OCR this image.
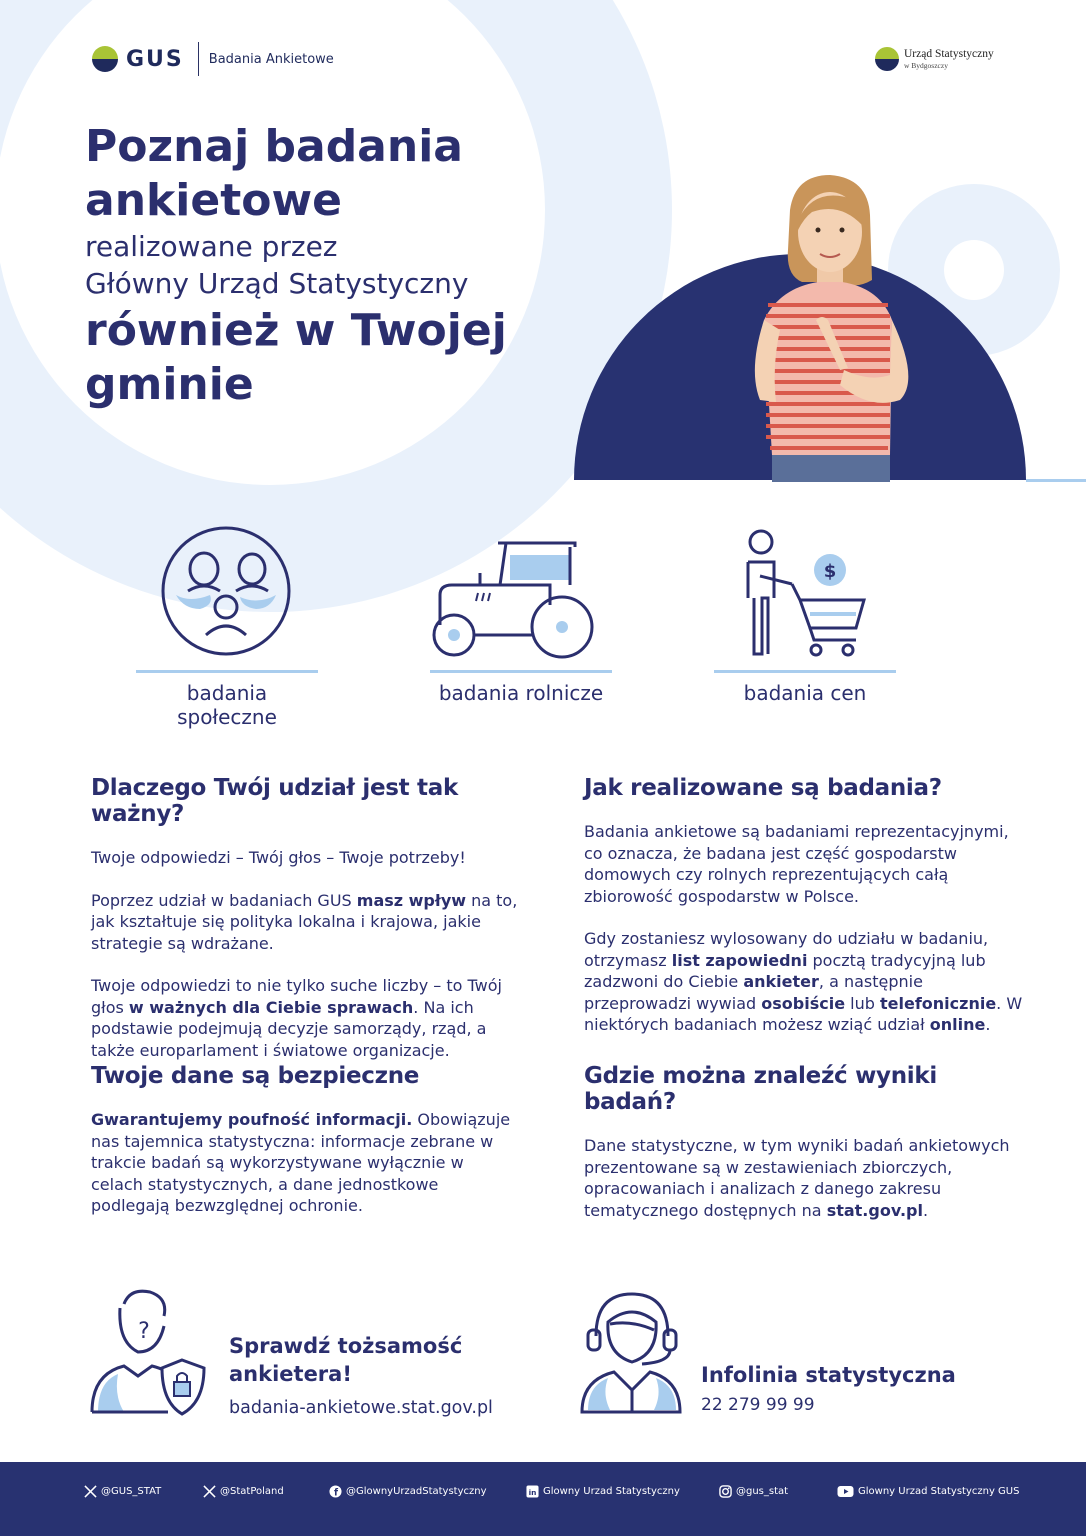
GUS Badania Ankietowe	Urząd Statystyczny
w Bydgoszczy
Poznaj badania
ankietowe
realizowane przez
Główny Urząd Statystyczny
również w Twojej
gminie
$
badania społeczne
badania rolnicze	badania cen
Dlaczego Twój udział jest tak ważny?

Twoje odpowiedzi – Twój głos – Twoje potrzeby!

Poprzez udział w badaniach GUS masz wpływ na to, jak kształtuje się polityka lokalna i krajowa, jakie strategie są wdrażane.

Twoje odpowiedzi to nie tylko suche liczby – to Twój głos w ważnych dla Ciebie sprawach. Na ich podstawie podejmują decyzje samorządy, rząd, a także europarlament i światowe organizacje.

Jak realizowane są badania?

Badania ankietowe są badaniami reprezentacyjnymi, co oznacza, że badana jest część gospodarstw domowych czy rolnych reprezentujących całą zbiorowość gospodarstw w Polsce.

Gdy zostaniesz wylosowany do udziału w badaniu, otrzymasz list zapowiedni pocztą tradycyjną lub zadzwoni do Ciebie ankieter, a następnie przeprowadzi wywiad osobiście lub telefonicznie. W niektórych badaniach możesz wziąć udział online.

Twoje dane są bezpieczne

Gwarantujemy poufność informacji. Obowiązuje nas tajemnica statystyczna: informacje zebrane w trakcie badań są wykorzystywane wyłącznie w celach statystycznych, a dane jednostkowe podlegają bezwzględnej ochronie.

Gdzie można znaleźć wyniki badań?

Dane statystyczne, w tym wyniki badań ankietowych prezentowane są w zestawieniach zbiorczych, opracowaniach i analizach z danego zakresu tematycznego dostępnych na stat.gov.pl.

?
Sprawdź tożsamość
ankietera!
badania-ankietowe.stat.gov.pl
Infolinia statystyczna
22 279 99 99
@GUS_STAT	@StatPoland	f @GlownyUrzadStatystyczny	in Glowny Urzad Statystyczny	@gus_stat	Glowny Urzad Statystyczny GUS
